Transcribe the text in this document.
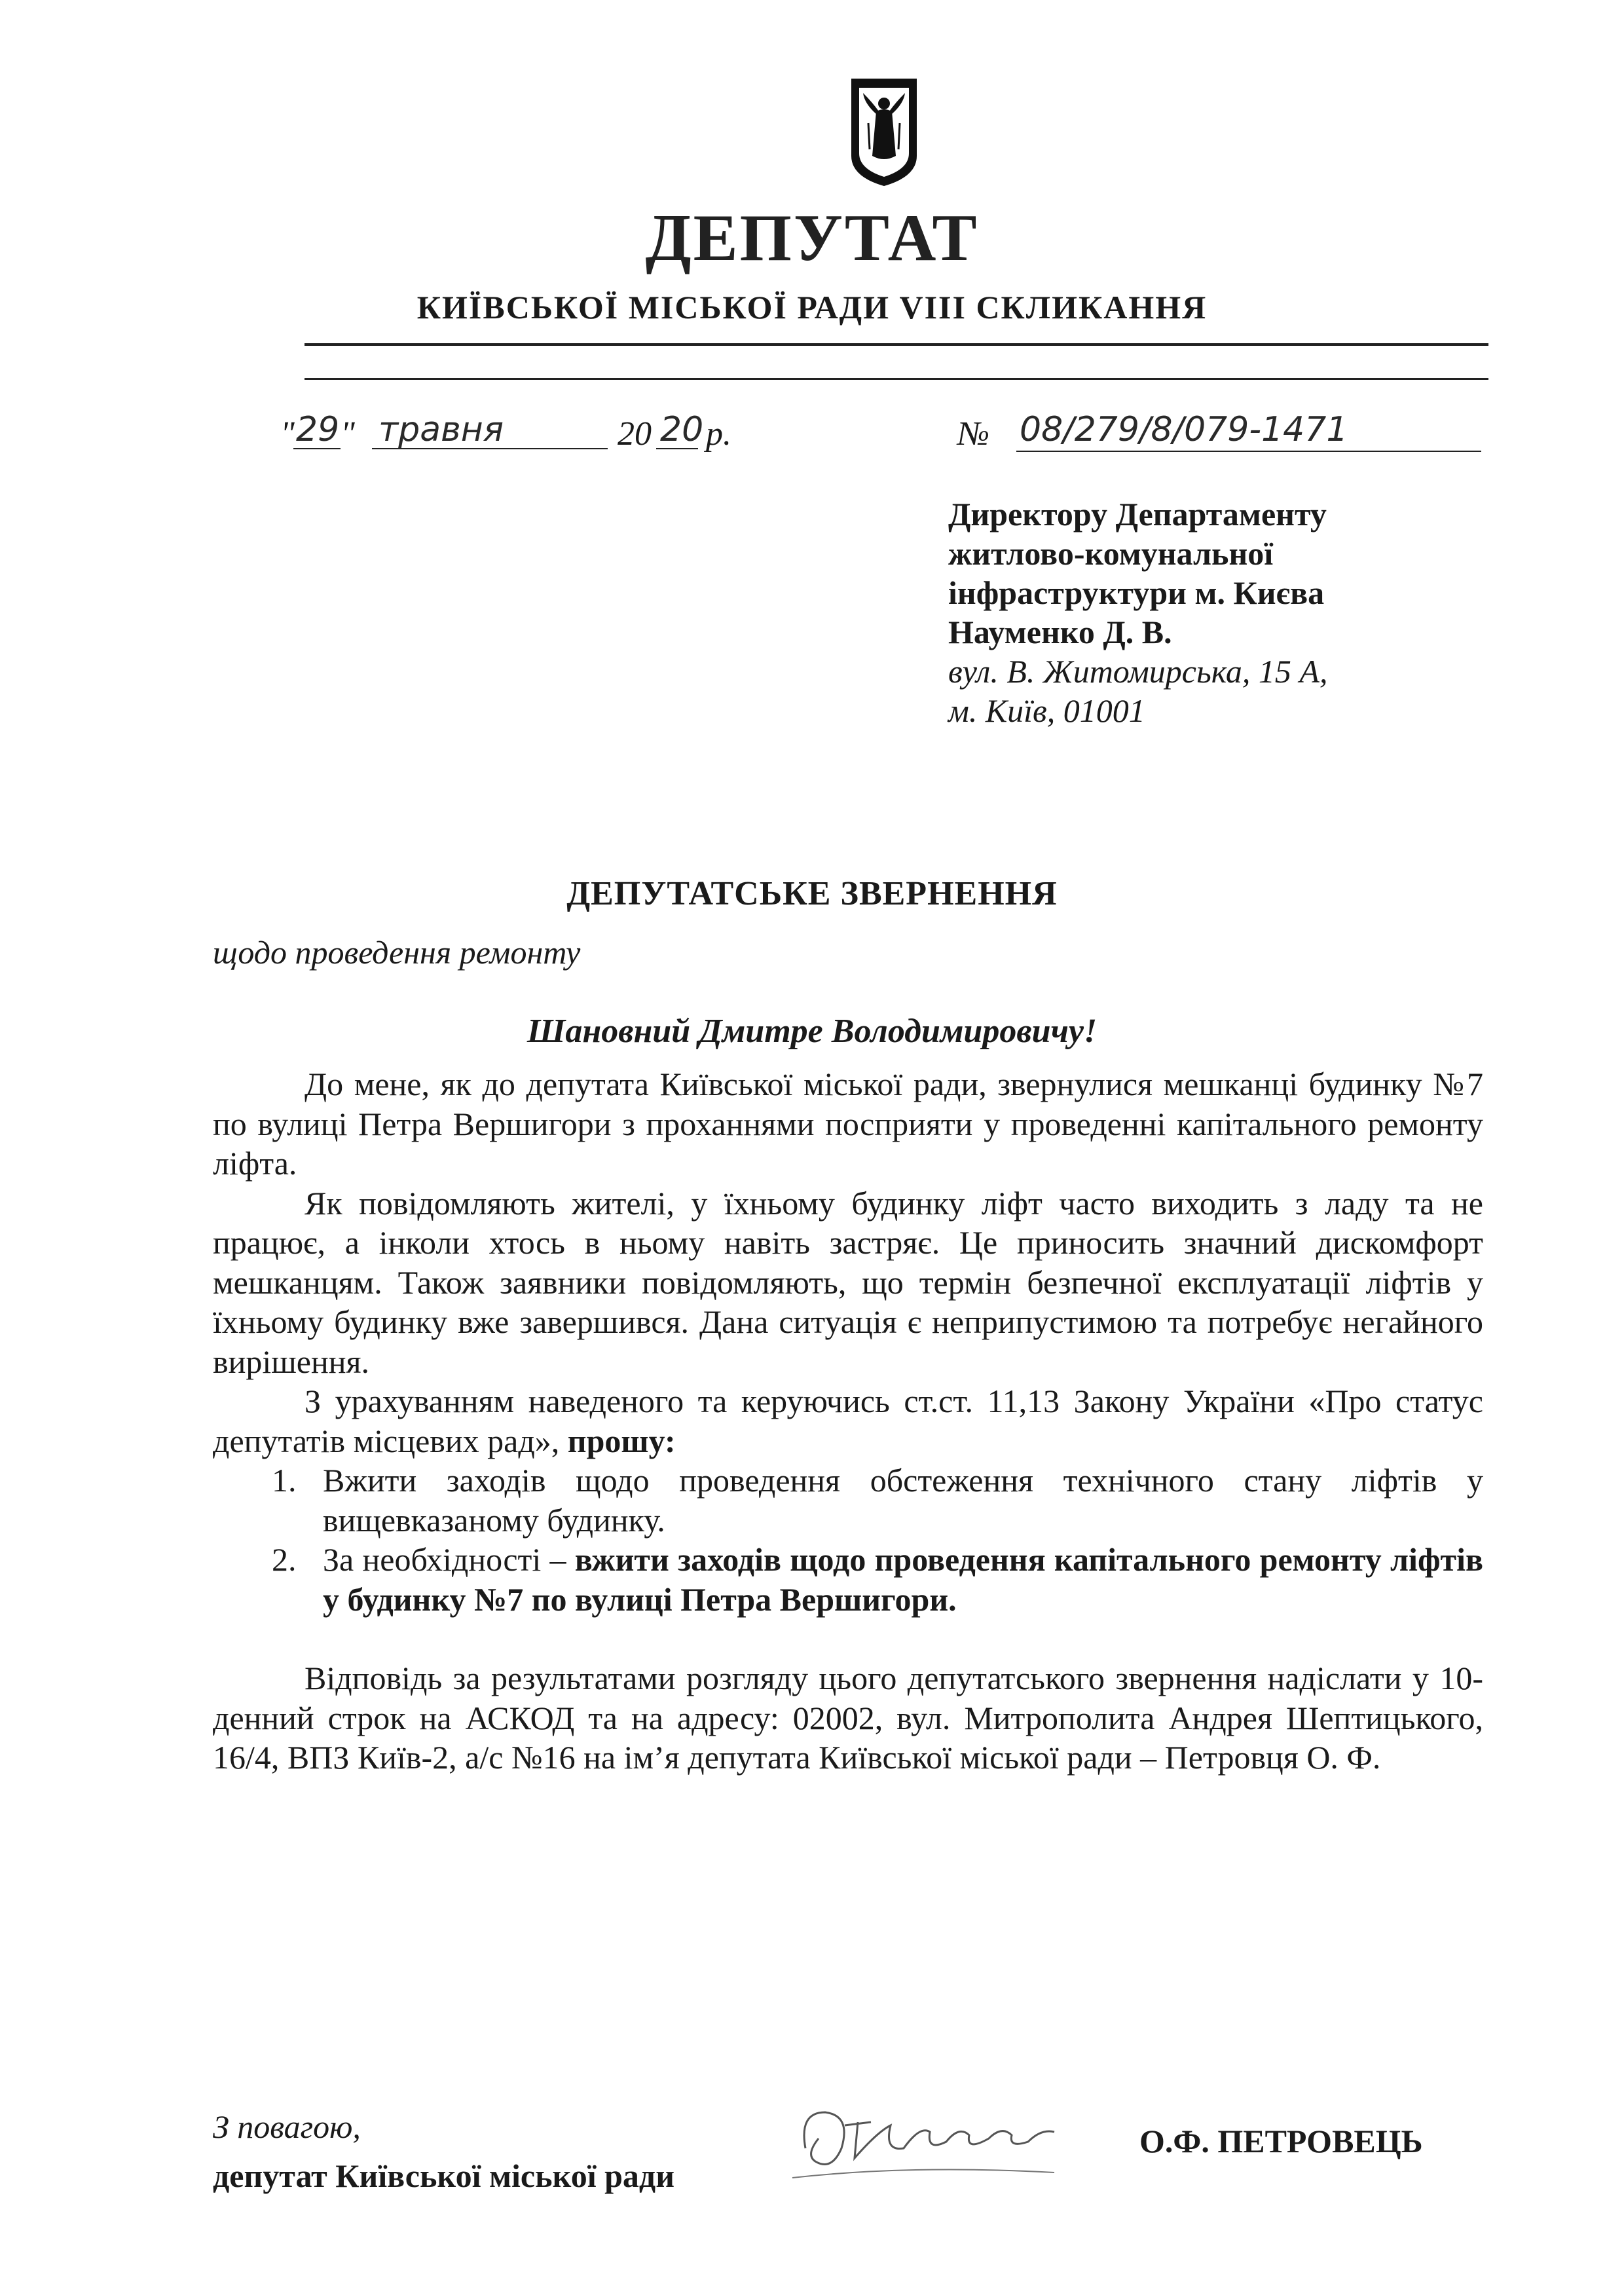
ДЕПУТАТ
КИЇВСЬКОЇ МІСЬКОЇ РАДИ VIII СКЛИКАННЯ
" 29 " травня	20 20 р.	№ 08/279/8/079-1471
Директору Департаменту
житлово-комунальної
інфраструктури м. Києва
Науменко Д. В.
вул. В. Житомирська, 15 А,
м. Київ, 01001
ДЕПУТАТСЬКЕ ЗВЕРНЕННЯ
щодо проведення ремонту
Шановний Дмитре Володимировичу!

До мене, як до депутата Київської міської ради, звернулися мешканці будинку №7 по вулиці Петра Вершигори з проханнями посприяти у проведенні капітального ремонту ліфта.

Як повідомляють жителі, у їхньому будинку ліфт часто виходить з ладу та не працює, а інколи хтось в ньому навіть застряє. Це приносить значний дискомфорт мешканцям. Також заявники повідомляють, що термін безпечної експлуатації ліфтів у їхньому будинку вже завершився. Дана ситуація є неприпустимою та потребує негайного вирішення.

З урахуванням наведеного та керуючись ст.ст. 11,13 Закону України «Про статус депутатів місцевих рад», прошу:

1. Вжити заходів щодо проведення обстеження технічного стану ліфтів у вищевказаному будинку.
2. За необхідності – вжити заходів щодо проведення капітального ремонту ліфтів у будинку №7 по вулиці Петра Вершигори.

Відповідь за результатами розгляду цього депутатського звернення надіслати у 10-денний строк на АСКОД та на адресу: 02002, вул. Митрополита Андрея Шептицького, 16/4, ВПЗ Київ-2, а/с №16 на ім’я депутата Київської міської ради – Петровця О. Ф.

З повагою,
депутат Київської міської ради
О.Ф. ПЕТРОВЕЦЬ
